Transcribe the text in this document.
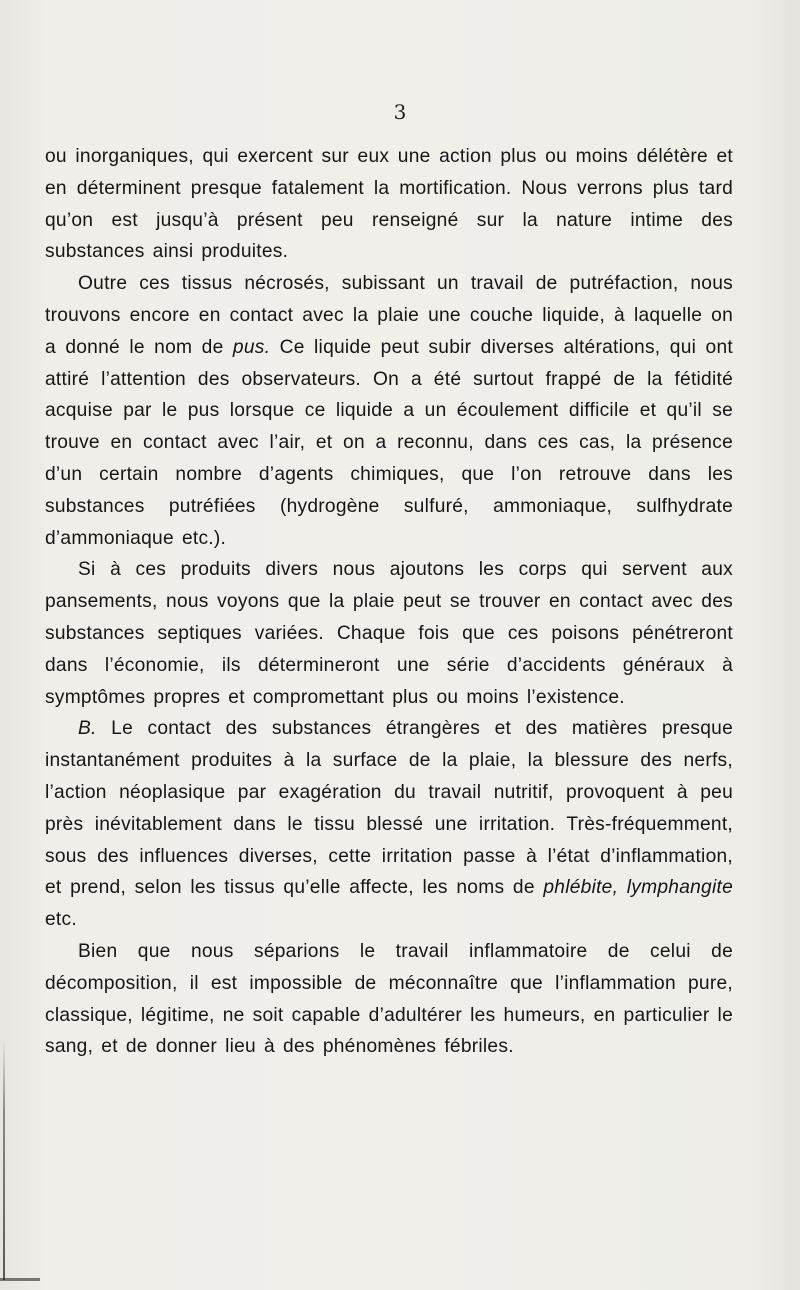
3

ou inorganiques, qui exercent sur eux une action plus ou moins délétère et en déterminent presque fatalement la mortification. Nous verrons plus tard qu’on est jusqu’à présent peu renseigné sur la nature intime des substances ainsi produites.

Outre ces tissus nécrosés, subissant un travail de putréfaction, nous trouvons encore en contact avec la plaie une couche liquide, à laquelle on a donné le nom de pus. Ce liquide peut subir diverses altérations, qui ont attiré l’attention des observateurs. On a été surtout frappé de la fétidité acquise par le pus lorsque ce liquide a un écoulement difficile et qu’il se trouve en contact avec l’air, et on a reconnu, dans ces cas, la présence d’un certain nombre d’agents chimiques, que l’on retrouve dans les substances putréfiées (hydrogène sulfuré, ammoniaque, sulfhydrate d’ammoniaque etc.).

Si à ces produits divers nous ajoutons les corps qui servent aux pansements, nous voyons que la plaie peut se trouver en contact avec des substances septiques variées. Chaque fois que ces poisons pénétreront dans l’économie, ils détermineront une série d’accidents généraux à symptômes propres et compromettant plus ou moins l’existence.

B. Le contact des substances étrangères et des matières presque instantanément produites à la surface de la plaie, la blessure des nerfs, l’action néoplasique par exagération du travail nutritif, provoquent à peu près inévitablement dans le tissu blessé une irritation. Très-fréquemment, sous des influences diverses, cette irritation passe à l’état d’inflammation, et prend, selon les tissus qu’elle affecte, les noms de phlébite, lymphangite etc.

Bien que nous séparions le travail inflammatoire de celui de décomposition, il est impossible de méconnaître que l’inflammation pure, classique, légitime, ne soit capable d’adultérer les humeurs, en particulier le sang, et de donner lieu à des phénomènes fébriles.
